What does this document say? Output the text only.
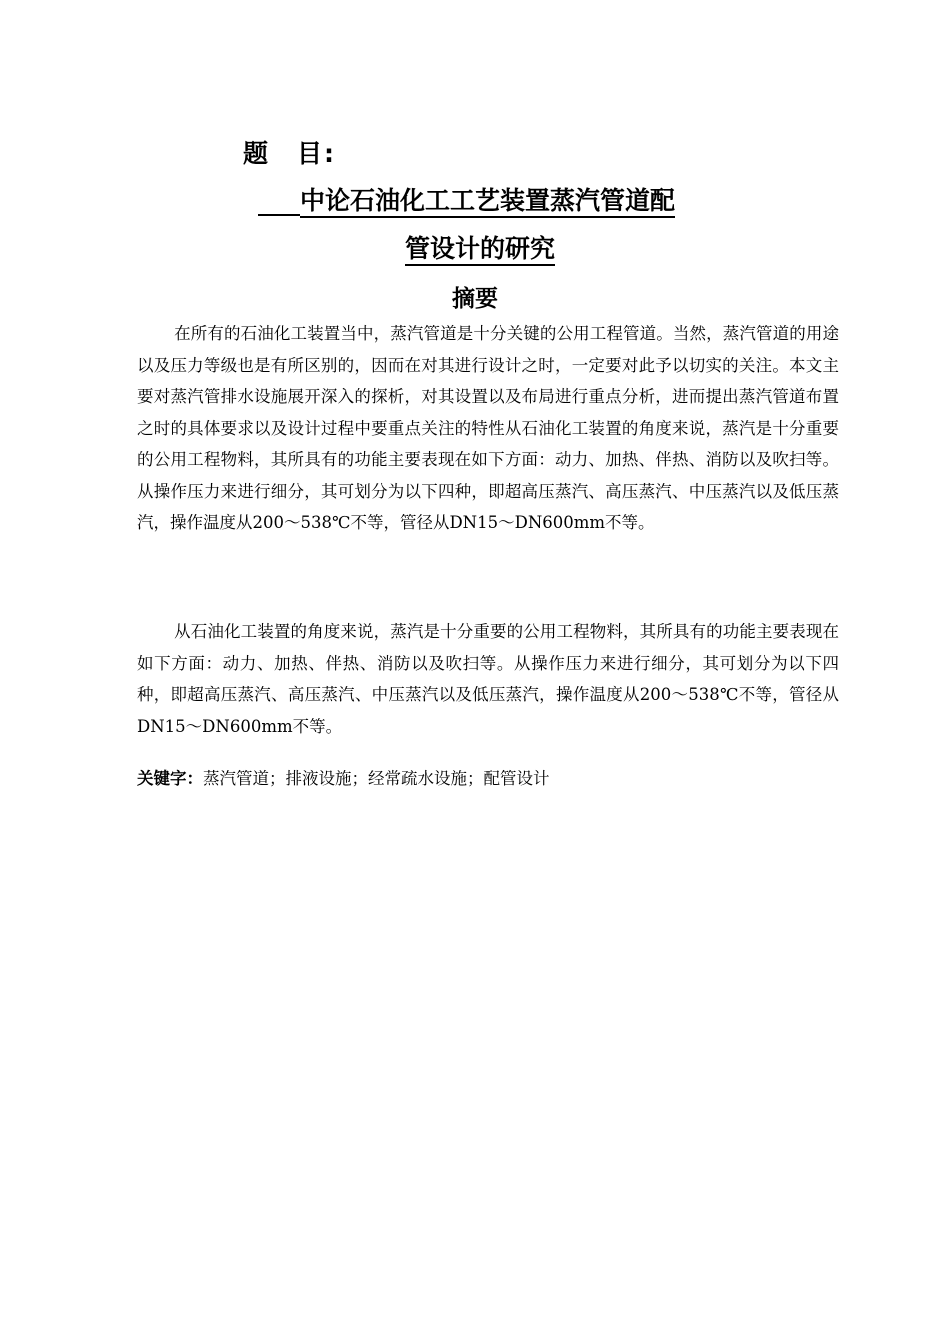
题　目:
中论石油化工工艺装置蒸汽管道配
管设计的研究
摘要
在所有的石油化工装置当中，蒸汽管道是十分关键的公用工程管道。当然，蒸汽管道的用途以及压力等级也是有所区别的，因而在对其进行设计之时，一定要对此予以切实的关注。本文主要对蒸汽管排水设施展开深入的探析，对其设置以及布局进行重点分析，进而提出蒸汽管道布置之时的具体要求以及设计过程中要重点关注的特性从石油化工装置的角度来说，蒸汽是十分重要的公用工程物料，其所具有的功能主要表现在如下方面：动力、加热、伴热、消防以及吹扫等。从操作压力来进行细分，其可划分为以下四种，即超高压蒸汽、高压蒸汽、中压蒸汽以及低压蒸汽，操作温度从200～538℃不等，管径从DN15～DN600mm不等。
从石油化工装置的角度来说，蒸汽是十分重要的公用工程物料，其所具有的功能主要表现在如下方面：动力、加热、伴热、消防以及吹扫等。从操作压力来进行细分，其可划分为以下四种，即超高压蒸汽、高压蒸汽、中压蒸汽以及低压蒸汽，操作温度从200～538℃不等，管径从DN15～DN600mm不等。
关键字：蒸汽管道；排液设施；经常疏水设施；配管设计
